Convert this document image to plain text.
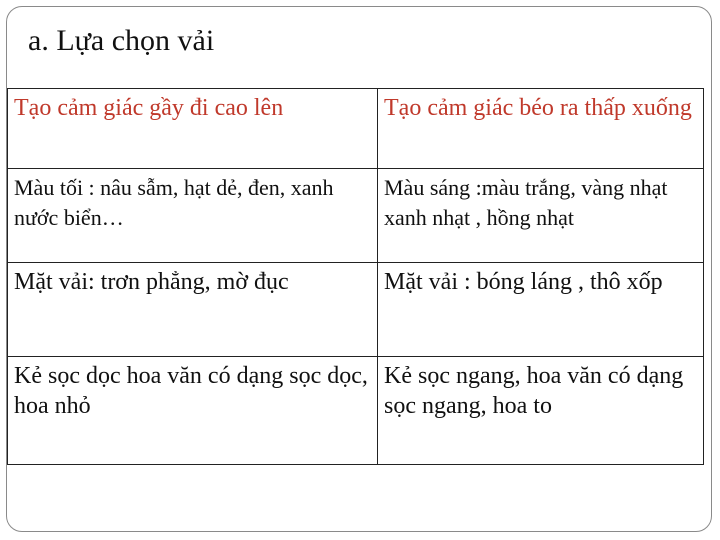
a. Lựa chọn vải
Tạo cảm giác gầy đi cao lên	Tạo cảm giác béo ra thấp xuống

Màu tối : nâu sẫm, hạt dẻ, đen, xanh nước biển…	Màu sáng :màu trắng, vàng nhạt xanh nhạt , hồng nhạt

Mặt vải: trơn phẳng, mờ đục	Mặt vải : bóng láng , thô xốp

Kẻ sọc dọc hoa văn có dạng sọc dọc, hoa nhỏ	Kẻ sọc ngang, hoa văn có dạng sọc ngang, hoa to
